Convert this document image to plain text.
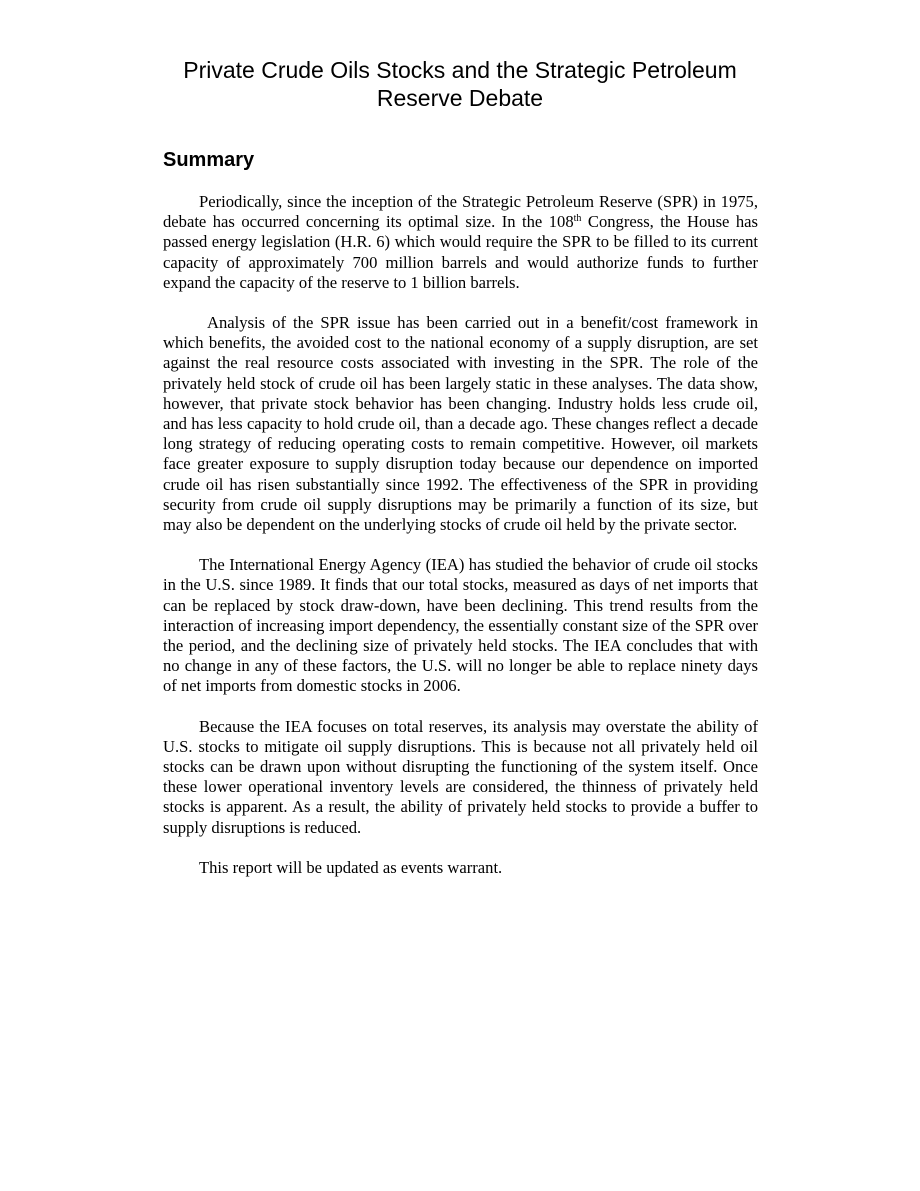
Private Crude Oils Stocks and the Strategic Petroleum
Reserve Debate
Summary

Periodically, since the inception of the Strategic Petroleum Reserve (SPR) in 1975, debate has occurred concerning its optimal size. In the 108th Congress, the House has passed energy legislation (H.R. 6) which would require the SPR to be filled to its current capacity of approximately 700 million barrels and would authorize funds to further expand the capacity of the reserve to 1 billion barrels.

Analysis of the SPR issue has been carried out in a benefit/cost framework in which benefits, the avoided cost to the national economy of a supply disruption, are set against the real resource costs associated with investing in the SPR. The role of the privately held stock of crude oil has been largely static in these analyses. The data show, however, that private stock behavior has been changing. Industry holds less crude oil, and has less capacity to hold crude oil, than a decade ago. These changes reflect a decade long strategy of reducing operating costs to remain competitive. However, oil markets face greater exposure to supply disruption today because our dependence on imported crude oil has risen substantially since 1992. The effectiveness of the SPR in providing security from crude oil supply disruptions may be primarily a function of its size, but may also be dependent on the underlying stocks of crude oil held by the private sector.

The International Energy Agency (IEA) has studied the behavior of crude oil stocks in the U.S. since 1989. It finds that our total stocks, measured as days of net imports that can be replaced by stock draw-down, have been declining. This trend results from the interaction of increasing import dependency, the essentially constant size of the SPR over the period, and the declining size of privately held stocks. The IEA concludes that with no change in any of these factors, the U.S. will no longer be able to replace ninety days of net imports from domestic stocks in 2006.

Because the IEA focuses on total reserves, its analysis may overstate the ability of U.S. stocks to mitigate oil supply disruptions. This is because not all privately held oil stocks can be drawn upon without disrupting the functioning of the system itself. Once these lower operational inventory levels are considered, the thinness of privately held stocks is apparent. As a result, the ability of privately held stocks to provide a buffer to supply disruptions is reduced.

This report will be updated as events warrant.
